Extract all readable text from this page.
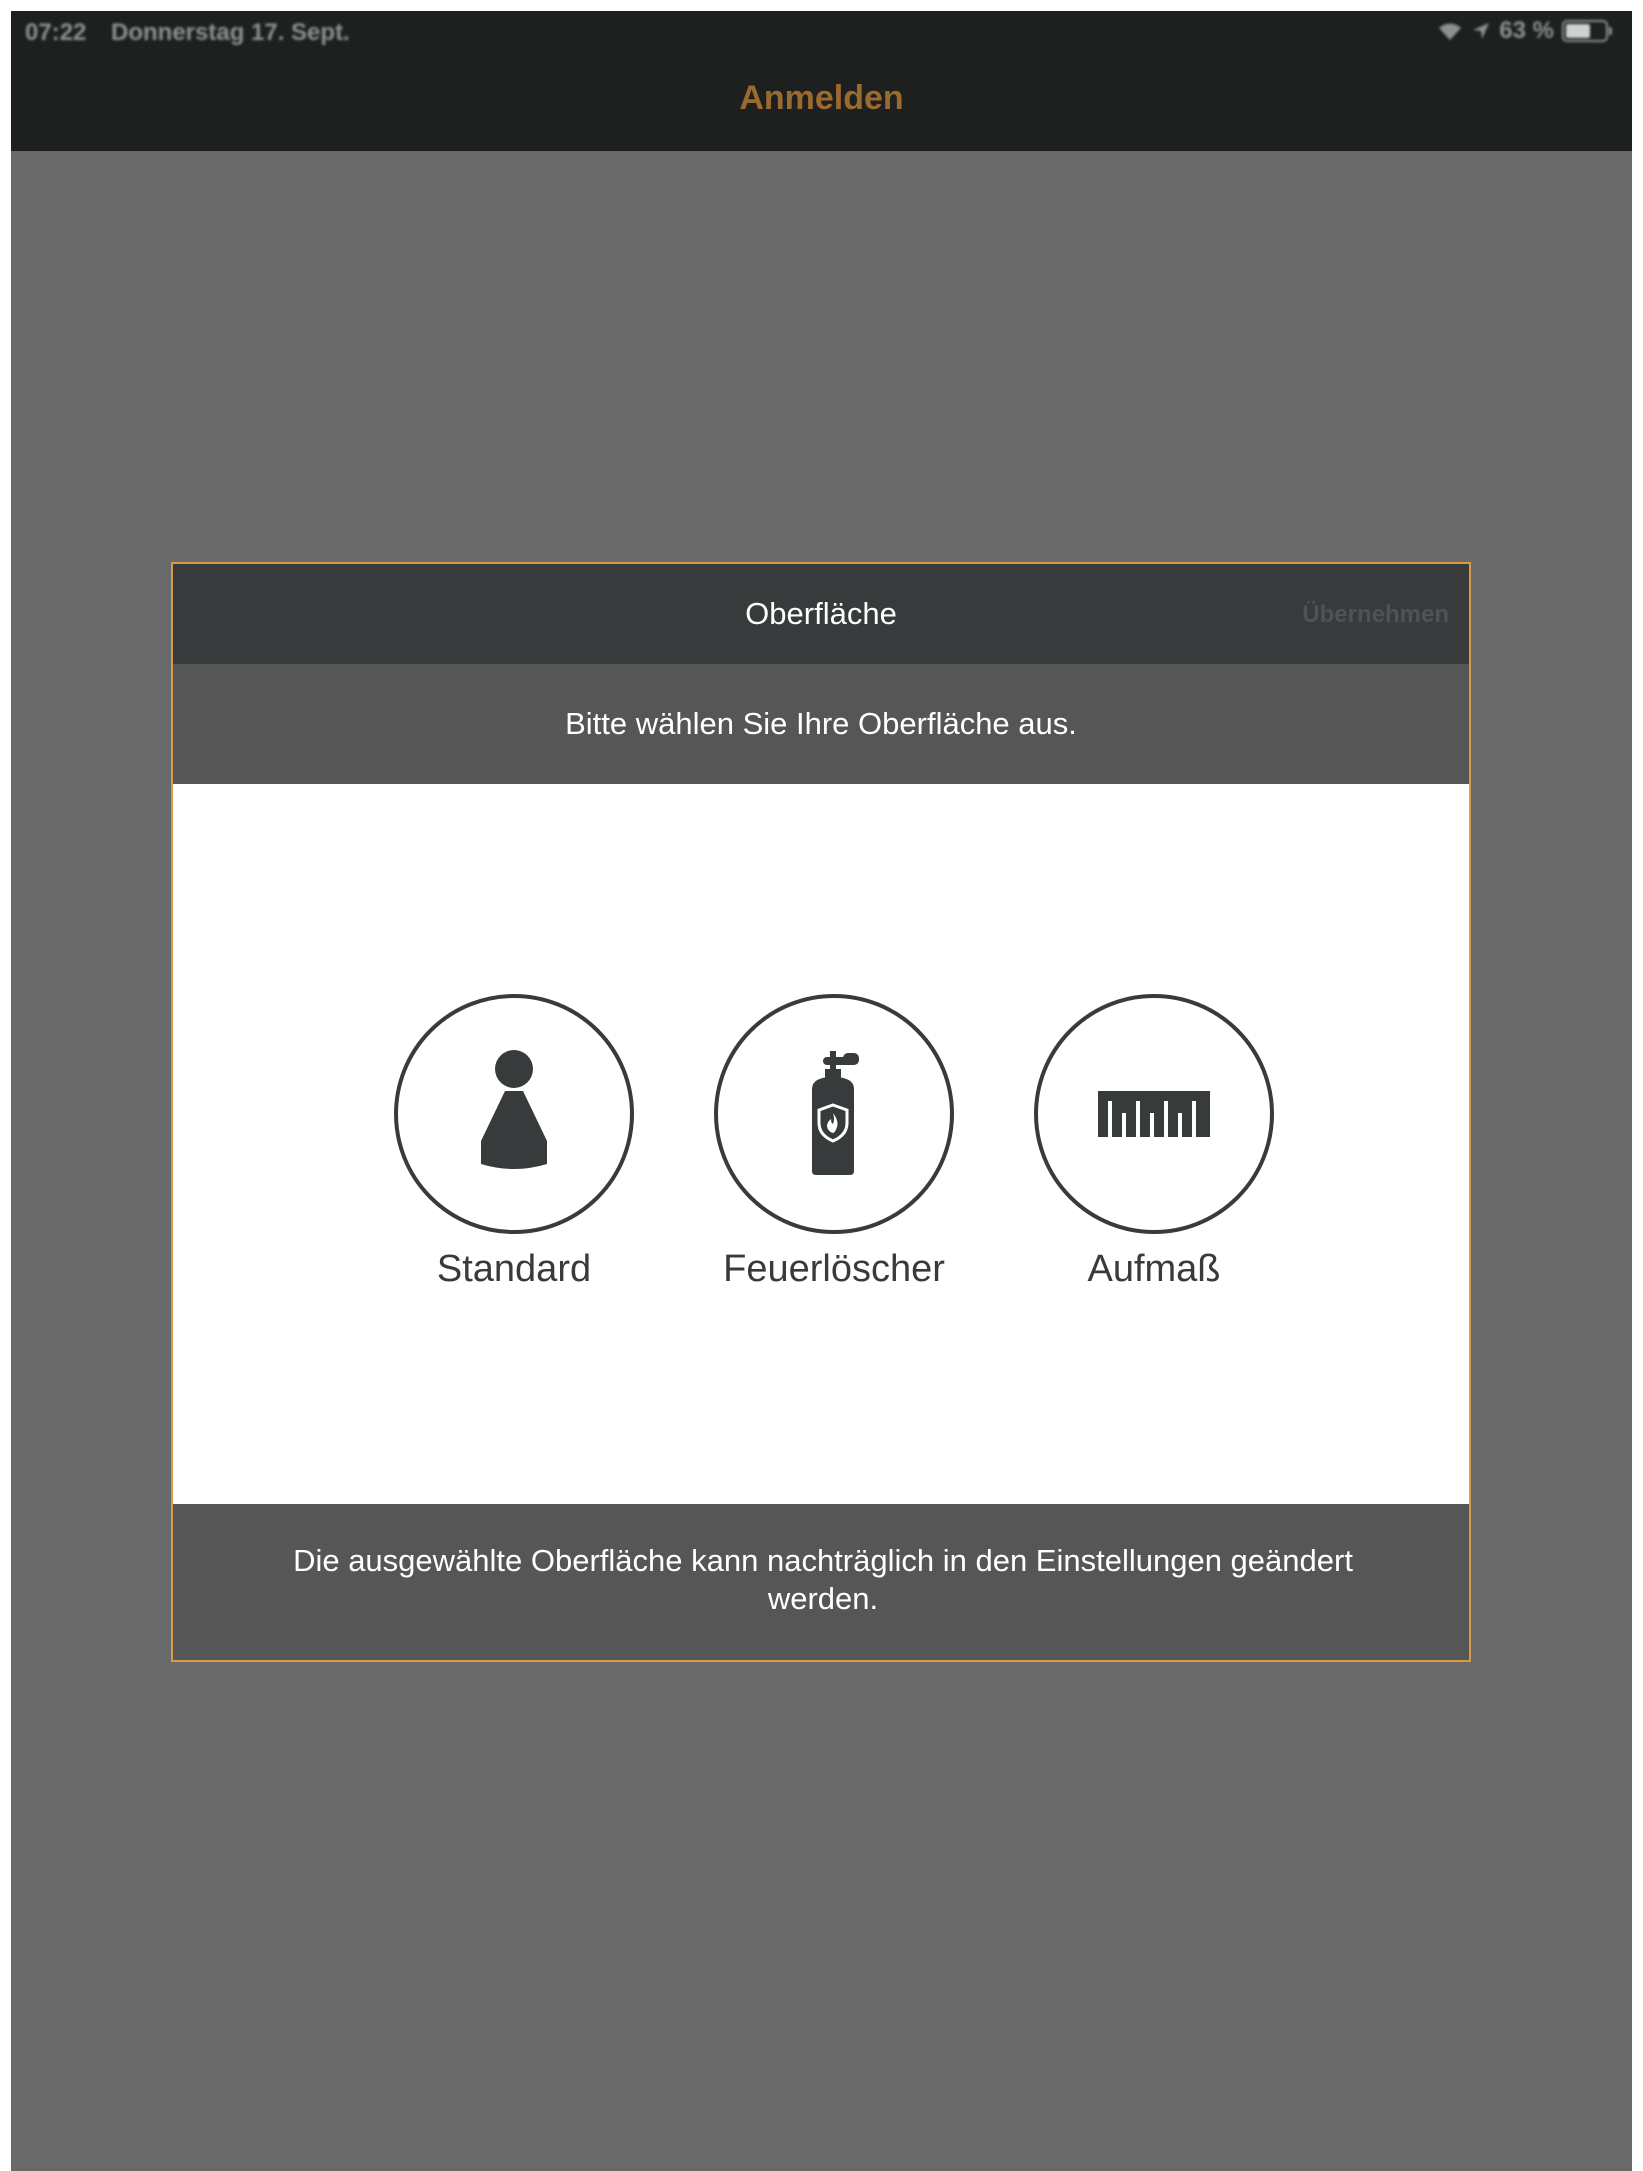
07:22 Donnerstag 17. Sept.	63 %
Anmelden
Oberfläche	Übernehmen
Bitte wählen Sie Ihre Oberfläche aus.
Standard	Feuerlöscher	Aufmaß
Die ausgewählte Oberfläche kann nachträglich in den Einstellungen geändert werden.
